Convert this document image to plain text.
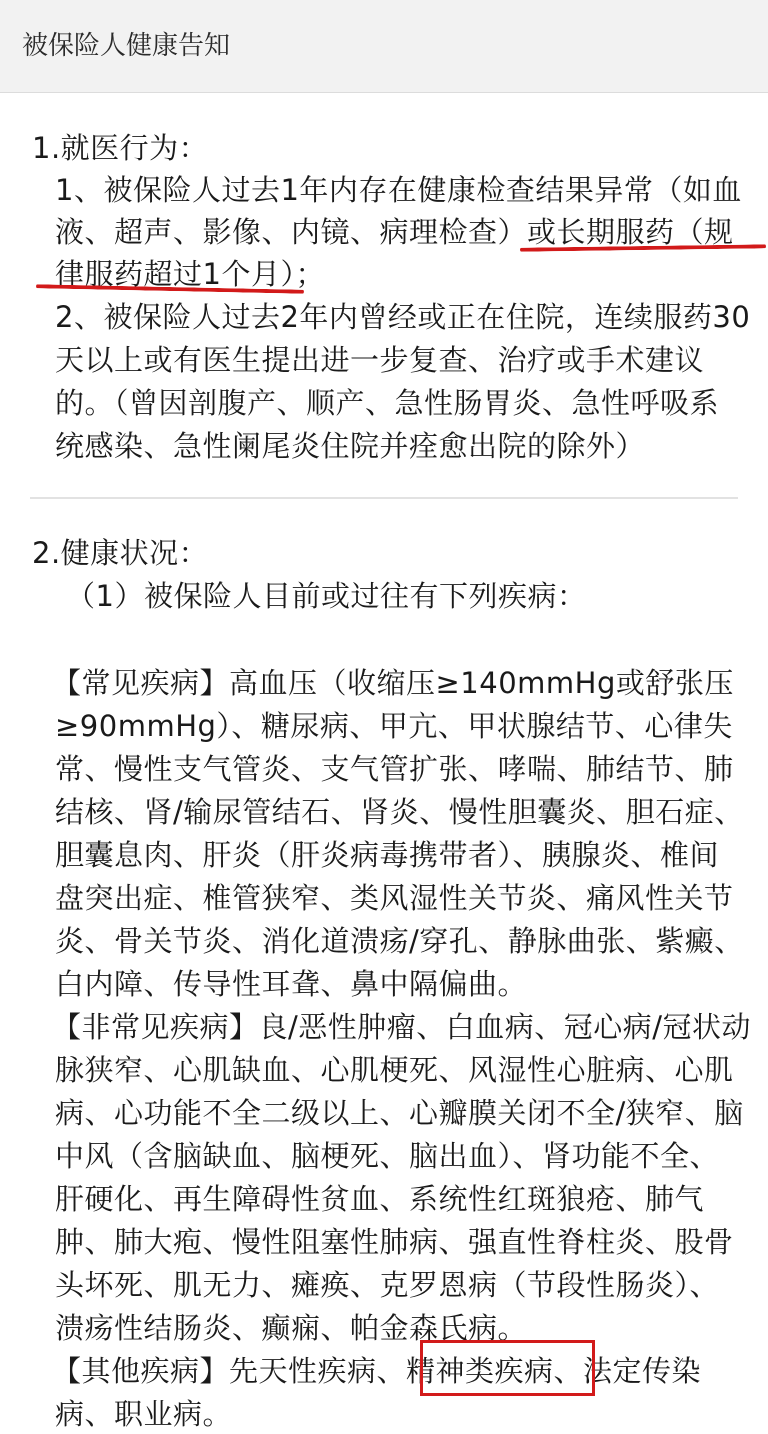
被保险人健康告知
1.就医行为：
1、被保险人过去1年内存在健康检查结果异常（如血
液、超声、影像、内镜、病理检查）或长期服药（规
律服药超过1个月）；
2、被保险人过去2年内曾经或正在住院，连续服药30
天以上或有医生提出进一步复查、治疗或手术建议
的。（曾因剖腹产、顺产、急性肠胃炎、急性呼吸系
统感染、急性阑尾炎住院并痊愈出院的除外）
2.健康状况：
（1）被保险人目前或过往有下列疾病：
【常见疾病】高血压（收缩压≥140mmHg或舒张压
≥90mmHg）、糖尿病、甲亢、甲状腺结节、心律失
常、慢性支气管炎、支气管扩张、哮喘、肺结节、肺
结核、肾/输尿管结石、肾炎、慢性胆囊炎、胆石症、
胆囊息肉、肝炎（肝炎病毒携带者）、胰腺炎、椎间
盘突出症、椎管狭窄、类风湿性关节炎、痛风性关节
炎、骨关节炎、消化道溃疡/穿孔、静脉曲张、紫癜、
白内障、传导性耳聋、鼻中隔偏曲。
【非常见疾病】良/恶性肿瘤、白血病、冠心病/冠状动
脉狭窄、心肌缺血、心肌梗死、风湿性心脏病、心肌
病、心功能不全二级以上、心瓣膜关闭不全/狭窄、脑
中风（含脑缺血、脑梗死、脑出血）、肾功能不全、
肝硬化、再生障碍性贫血、系统性红斑狼疮、肺气
肿、肺大疱、慢性阻塞性肺病、强直性脊柱炎、股骨
头坏死、肌无力、瘫痪、克罗恩病（节段性肠炎）、
溃疡性结肠炎、癫痫、帕金森氏病。
【其他疾病】先天性疾病、精神类疾病、法定传染
病、职业病。
